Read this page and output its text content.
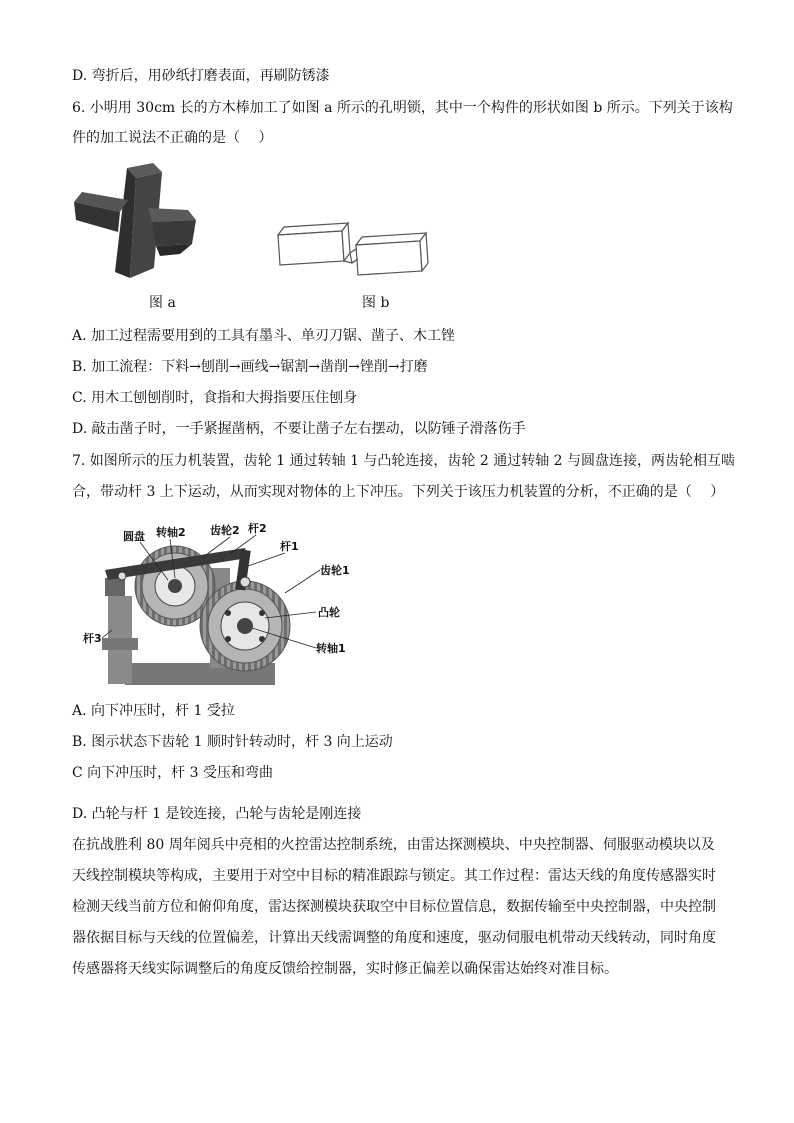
D. 弯折后，用砂纸打磨表面，再刷防锈漆
6. 小明用 30cm 长的方木棒加工了如图 a 所示的孔明锁，其中一个构件的形状如图 b 所示。下列关于该构
件的加工说法不正确的是（　 ）
图 a	图 b
A. 加工过程需要用到的工具有墨斗、单刃刀锯、凿子、木工锉
B. 加工流程：下料→刨削→画线→锯割→凿削→锉削→打磨
C. 用木工刨刨削时，食指和大拇指要压住刨身
D. 敲击凿子时，一手紧握凿柄，不要让凿子左右摆动，以防锤子滑落伤手
7. 如图所示的压力机装置，齿轮 1 通过转轴 1 与凸轮连接，齿轮 2 通过转轴 2 与圆盘连接，两齿轮相互啮
合，带动杆 3 上下运动，从而实现对物体的上下冲压。下列关于该压力机装置的分析，不正确的是（　 ）
圆盘 转轴2 齿轮2 杆2
杆1
齿轮1
凸轮
杆3
转轴1
A. 向下冲压时，杆 1 受拉
B. 图示状态下齿轮 1 顺时针转动时，杆 3 向上运动
C 向下冲压时，杆 3 受压和弯曲
D. 凸轮与杆 1 是铰连接，凸轮与齿轮是刚连接
在抗战胜利 80 周年阅兵中亮相的火控雷达控制系统，由雷达探测模块、中央控制器、伺服驱动模块以及
天线控制模块等构成，主要用于对空中目标的精准跟踪与锁定。其工作过程：雷达天线的角度传感器实时
检测天线当前方位和俯仰角度，雷达探测模块获取空中目标位置信息，数据传输至中央控制器，中央控制
器依据目标与天线的位置偏差，计算出天线需调整的角度和速度，驱动伺服电机带动天线转动，同时角度
传感器将天线实际调整后的角度反馈给控制器，实时修正偏差以确保雷达始终对准目标。
